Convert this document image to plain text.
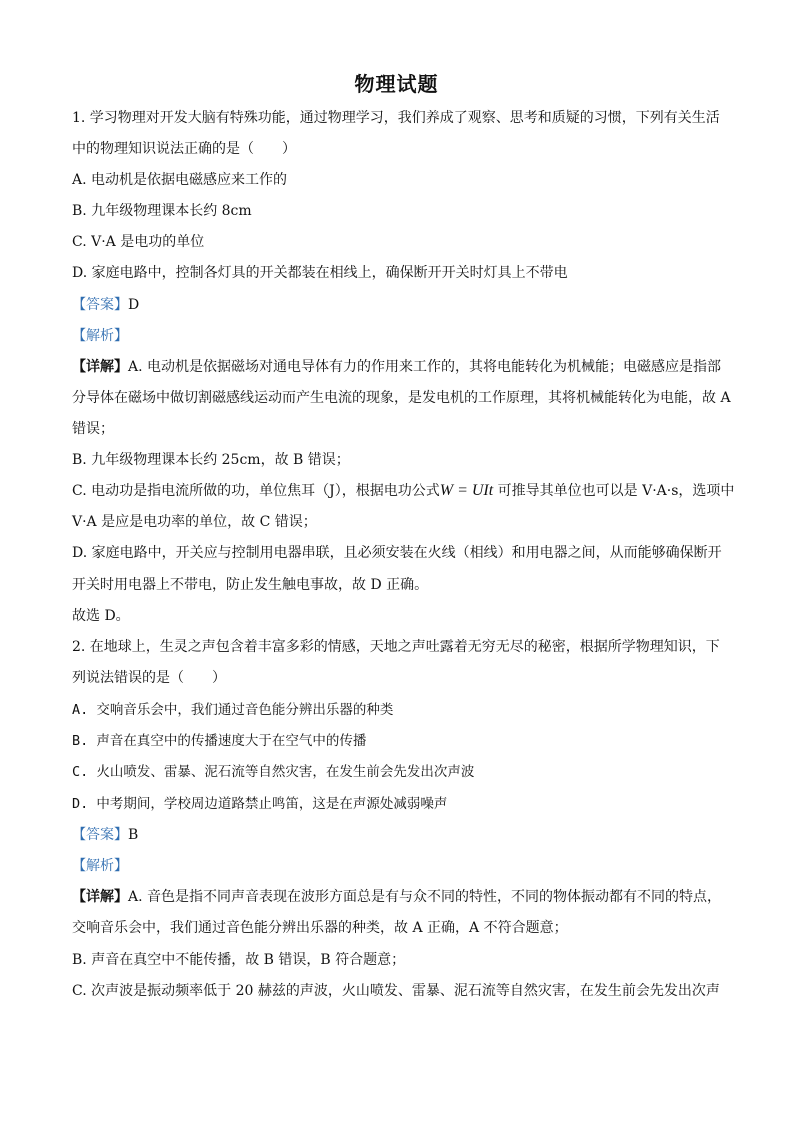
物理试题
1. 学习物理对开发大脑有特殊功能，通过物理学习，我们养成了观察、思考和质疑的习惯，下列有关生活
中的物理知识说法正确的是（　　）
A. 电动机是依据电磁感应来工作的
B. 九年级物理课本长约 8cm
C. V·A 是电功的单位
D. 家庭电路中，控制各灯具的开关都装在相线上，确保断开开关时灯具上不带电
【答案】D
【解析】
【详解】A. 电动机是依据磁场对通电导体有力的作用来工作的，其将电能转化为机械能；电磁感应是指部
分导体在磁场中做切割磁感线运动而产生电流的现象，是发电机的工作原理，其将机械能转化为电能，故 A
错误；
B. 九年级物理课本长约 25cm，故 B 错误；
C. 电动功是指电流所做的功，单位焦耳（J），根据电功公式W = UIt 可推导其单位也可以是 V·A·s，选项中
V·A 是应是电功率的单位，故 C 错误；
D. 家庭电路中，开关应与控制用电器串联，且必须安装在火线（相线）和用电器之间，从而能够确保断开
开关时用电器上不带电，防止发生触电事故，故 D 正确。
故选 D。
2. 在地球上，生灵之声包含着丰富多彩的情感，天地之声吐露着无穷无尽的秘密，根据所学物理知识，下
列说法错误的是（　　）
A. 交响音乐会中，我们通过音色能分辨出乐器的种类
B. 声音在真空中的传播速度大于在空气中的传播
C. 火山喷发、雷暴、泥石流等自然灾害，在发生前会先发出次声波
D. 中考期间，学校周边道路禁止鸣笛，这是在声源处减弱噪声
【答案】B
【解析】
【详解】A. 音色是指不同声音表现在波形方面总是有与众不同的特性，不同的物体振动都有不同的特点，
交响音乐会中，我们通过音色能分辨出乐器的种类，故 A 正确，A 不符合题意；
B. 声音在真空中不能传播，故 B 错误，B 符合题意；
C. 次声波是振动频率低于 20 赫兹的声波，火山喷发、雷暴、泥石流等自然灾害，在发生前会先发出次声
